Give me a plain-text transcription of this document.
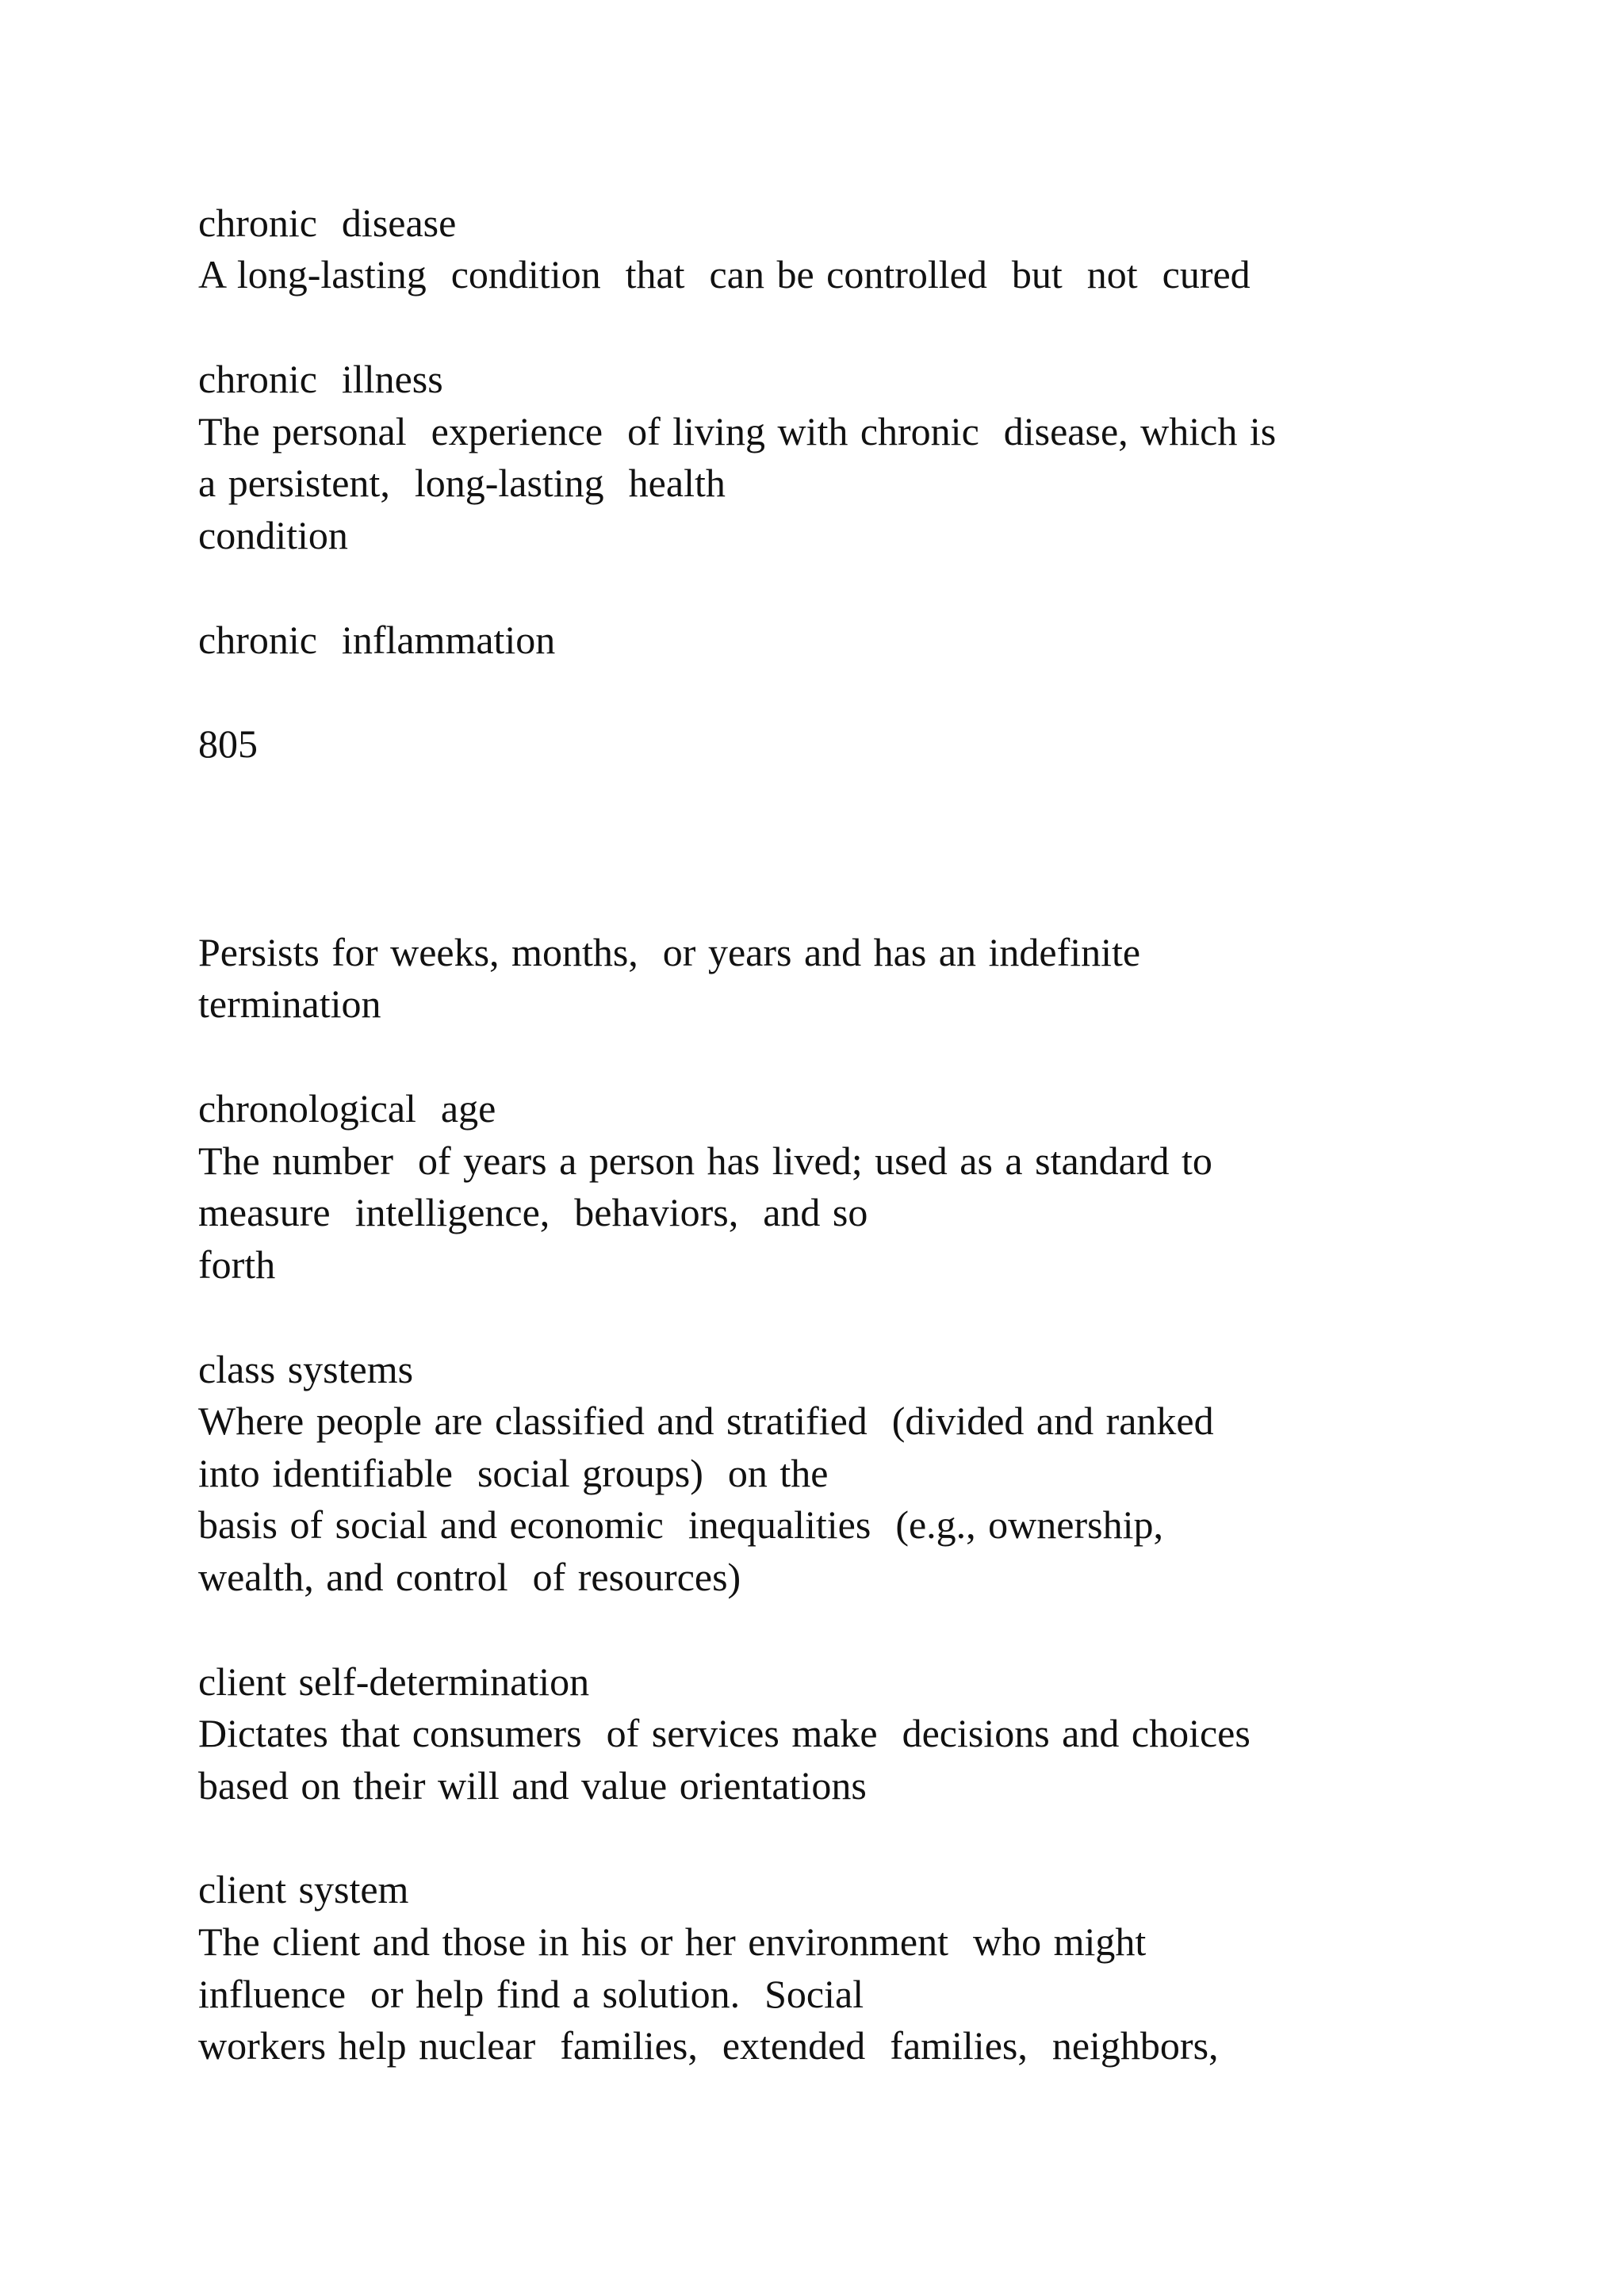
chronic  disease

A long-lasting  condition  that  can be controlled  but  not  cured

chronic  illness

The personal  experience  of living with chronic  disease, which is

a persistent,  long-lasting  health

condition

chronic  inflammation

805

Persists for weeks, months,  or years and has an indefinite

termination

chronological  age

The number  of years a person has lived; used as a standard to

measure  intelligence,  behaviors,  and so

forth

class systems

Where people are classified and stratified  (divided and ranked

into identifiable  social groups)  on the

basis of social and economic  inequalities  (e.g., ownership,

wealth, and control  of resources)

client self-determination

Dictates that consumers  of services make  decisions and choices

based on their will and value orientations

client system

The client and those in his or her environment  who might

influence  or help find a solution.  Social

workers help nuclear  families,  extended  families,  neighbors,
